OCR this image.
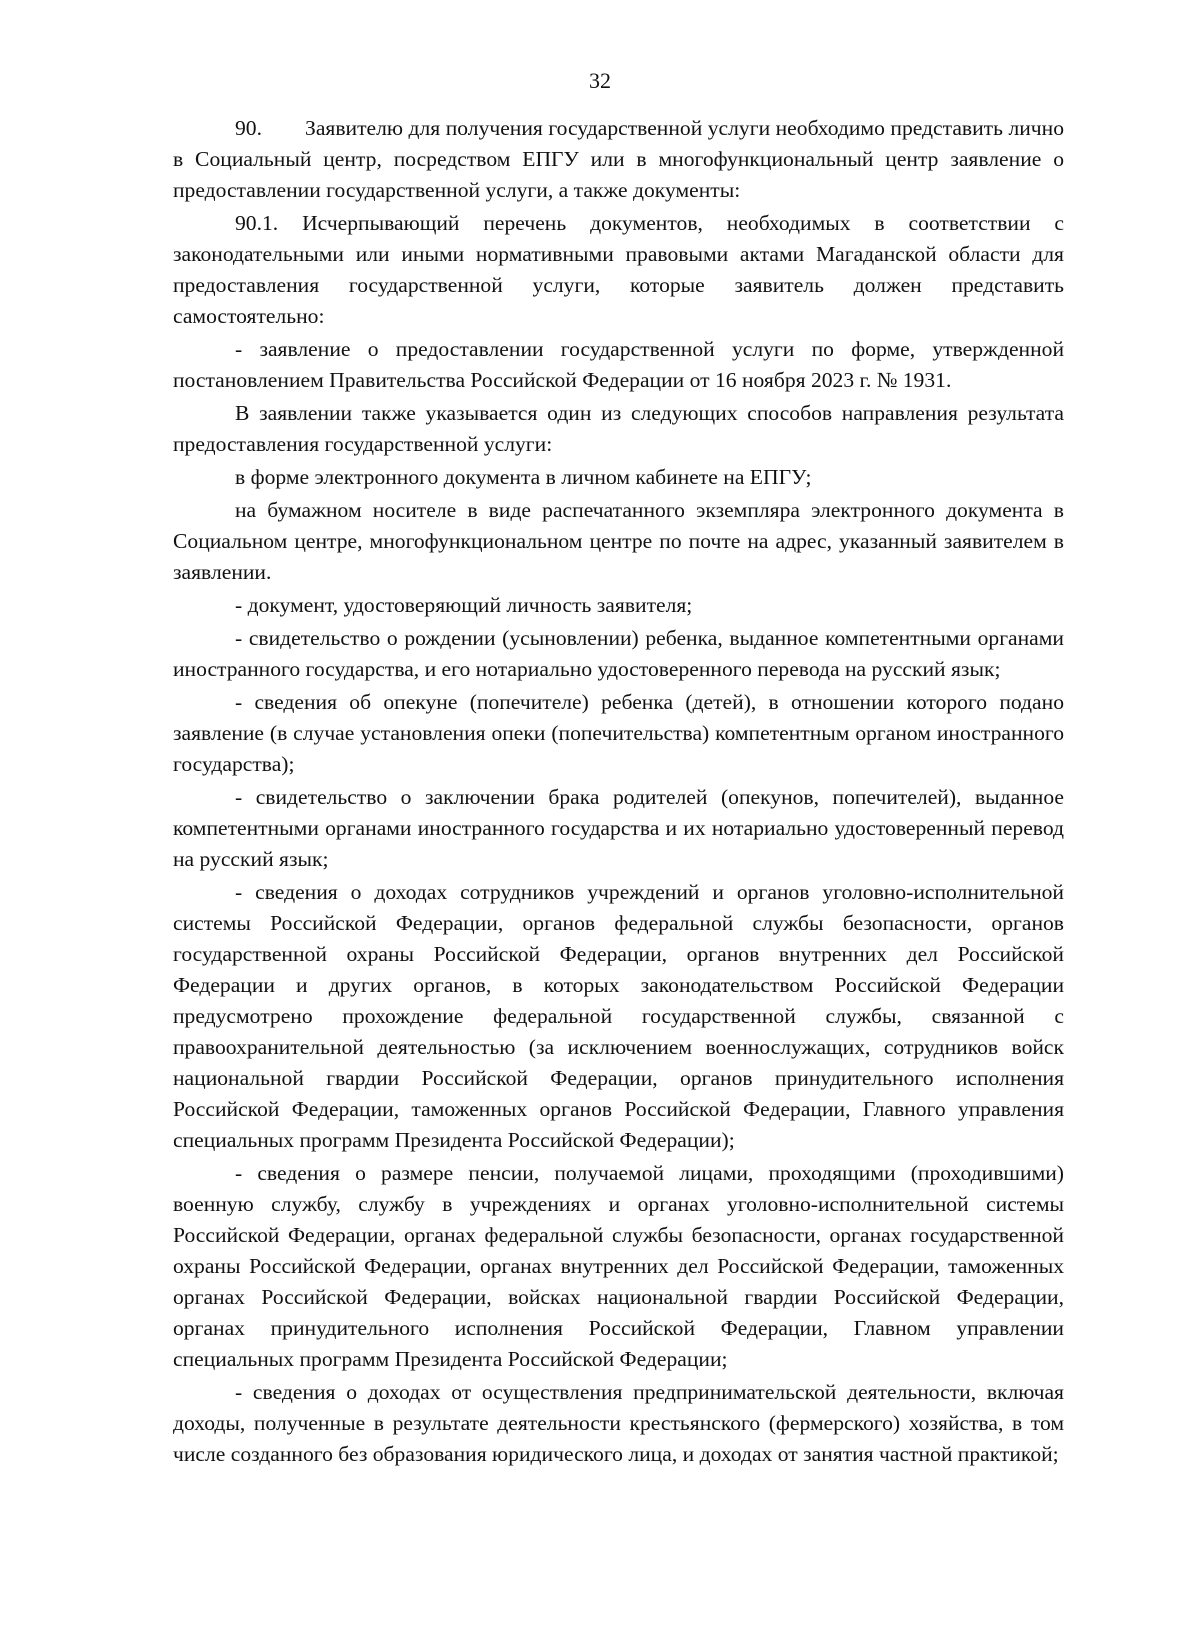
32

90. Заявителю для получения государственной услуги необходимо представить лично в Социальный центр, посредством ЕПГУ или в многофункциональный центр заявление о предоставлении государственной услуги, а также документы:

90.1. Исчерпывающий перечень документов, необходимых в соответствии с законодательными или иными нормативными правовыми актами Магаданской области для предоставления государственной услуги, которые заявитель должен представить самостоятельно:

- заявление о предоставлении государственной услуги по форме, утвержденной постановлением Правительства Российской Федерации от 16 ноября 2023 г. № 1931.

В заявлении также указывается один из следующих способов направления результата предоставления государственной услуги:

в форме электронного документа в личном кабинете на ЕПГУ;

на бумажном носителе в виде распечатанного экземпляра электронного документа в Социальном центре, многофункциональном центре по почте на адрес, указанный заявителем в заявлении.

- документ, удостоверяющий личность заявителя;

- свидетельство о рождении (усыновлении) ребенка, выданное компетентными органами иностранного государства, и его нотариально удостоверенного перевода на русский язык;

- сведения об опекуне (попечителе) ребенка (детей), в отношении которого подано заявление (в случае установления опеки (попечительства) компетентным органом иностранного государства);

- свидетельство о заключении брака родителей (опекунов, попечителей), выданное компетентными органами иностранного государства и их нотариально удостоверенный перевод на русский язык;

- сведения о доходах сотрудников учреждений и органов уголовно-исполнительной системы Российской Федерации, органов федеральной службы безопасности, органов государственной охраны Российской Федерации, органов внутренних дел Российской Федерации и других органов, в которых законодательством Российской Федерации предусмотрено прохождение федеральной государственной службы, связанной с правоохранительной деятельностью (за исключением военнослужащих, сотрудников войск национальной гвардии Российской Федерации, органов принудительного исполнения Российской Федерации, таможенных органов Российской Федерации, Главного управления специальных программ Президента Российской Федерации);

- сведения о размере пенсии, получаемой лицами, проходящими (проходившими) военную службу, службу в учреждениях и органах уголовно-исполнительной системы Российской Федерации, органах федеральной службы безопасности, органах государственной охраны Российской Федерации, органах внутренних дел Российской Федерации, таможенных органах Российской Федерации, войсках национальной гвардии Российской Федерации, органах принудительного исполнения Российской Федерации, Главном управлении специальных программ Президента Российской Федерации;

- сведения о доходах от осуществления предпринимательской деятельности, включая доходы, полученные в результате деятельности крестьянского (фермерского) хозяйства, в том числе созданного без образования юридического лица, и доходах от занятия частной практикой;
